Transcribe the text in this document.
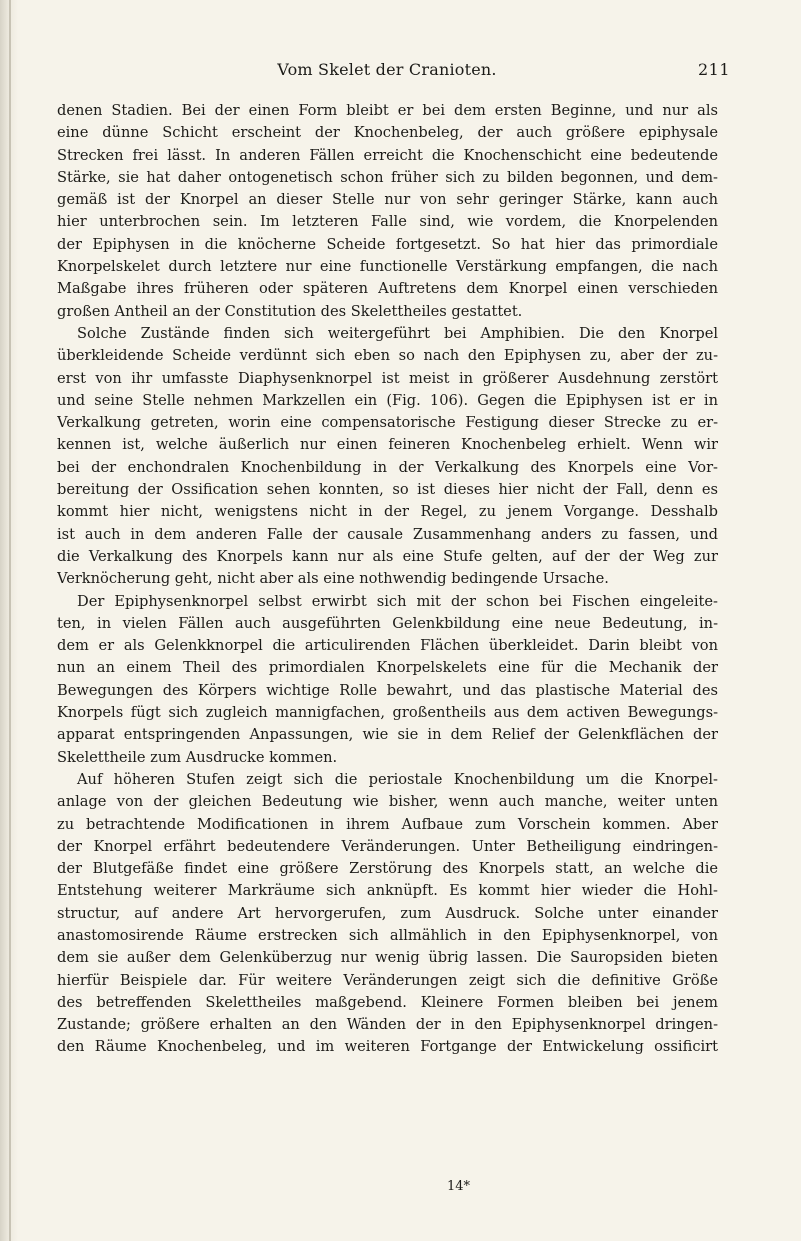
Vom Skelet der Cranioten.	211
denen Stadien. Bei der einen Form bleibt er bei dem ersten Beginne, und nur als
eine dünne Schicht erscheint der Knochenbeleg, der auch größere epiphysale
Strecken frei lässt. In anderen Fällen erreicht die Knochenschicht eine bedeutende
Stärke, sie hat daher ontogenetisch schon früher sich zu bilden begonnen, und dem-
gemäß ist der Knorpel an dieser Stelle nur von sehr geringer Stärke, kann auch
hier unterbrochen sein. Im letzteren Falle sind, wie vordem, die Knorpelenden
der Epiphysen in die knöcherne Scheide fortgesetzt. So hat hier das primordiale
Knorpelskelet durch letztere nur eine functionelle Verstärkung empfangen, die nach
Maßgabe ihres früheren oder späteren Auftretens dem Knorpel einen verschieden
großen Antheil an der Constitution des Skelettheiles gestattet.
Solche Zustände finden sich weitergeführt bei Amphibien. Die den Knorpel
überkleidende Scheide verdünnt sich eben so nach den Epiphysen zu, aber der zu-
erst von ihr umfasste Diaphysenknorpel ist meist in größerer Ausdehnung zerstört
und seine Stelle nehmen Markzellen ein (Fig. 106). Gegen die Epiphysen ist er in
Verkalkung getreten, worin eine compensatorische Festigung dieser Strecke zu er-
kennen ist, welche äußerlich nur einen feineren Knochenbeleg erhielt. Wenn wir
bei der enchondralen Knochenbildung in der Verkalkung des Knorpels eine Vor-
bereitung der Ossification sehen konnten, so ist dieses hier nicht der Fall, denn es
kommt hier nicht, wenigstens nicht in der Regel, zu jenem Vorgange. Desshalb
ist auch in dem anderen Falle der causale Zusammenhang anders zu fassen, und
die Verkalkung des Knorpels kann nur als eine Stufe gelten, auf der der Weg zur
Verknöcherung geht, nicht aber als eine nothwendig bedingende Ursache.
Der Epiphysenknorpel selbst erwirbt sich mit der schon bei Fischen eingeleite-
ten, in vielen Fällen auch ausgeführten Gelenkbildung eine neue Bedeutung, in-
dem er als Gelenkknorpel die articulirenden Flächen überkleidet. Darin bleibt von
nun an einem Theil des primordialen Knorpelskelets eine für die Mechanik der
Bewegungen des Körpers wichtige Rolle bewahrt, und das plastische Material des
Knorpels fügt sich zugleich mannigfachen, großentheils aus dem activen Bewegungs-
apparat entspringenden Anpassungen, wie sie in dem Relief der Gelenkflächen der
Skelettheile zum Ausdrucke kommen.
Auf höheren Stufen zeigt sich die periostale Knochenbildung um die Knorpel-
anlage von der gleichen Bedeutung wie bisher, wenn auch manche, weiter unten
zu betrachtende Modificationen in ihrem Aufbaue zum Vorschein kommen. Aber
der Knorpel erfährt bedeutendere Veränderungen. Unter Betheiligung eindringen-
der Blutgefäße findet eine größere Zerstörung des Knorpels statt, an welche die
Entstehung weiterer Markräume sich anknüpft. Es kommt hier wieder die Hohl-
structur, auf andere Art hervorgerufen, zum Ausdruck. Solche unter einander
anastomosirende Räume erstrecken sich allmählich in den Epiphysenknorpel, von
dem sie außer dem Gelenküberzug nur wenig übrig lassen. Die Sauropsiden bieten
hierfür Beispiele dar. Für weitere Veränderungen zeigt sich die definitive Größe
des betreffenden Skelettheiles maßgebend. Kleinere Formen bleiben bei jenem
Zustande; größere erhalten an den Wänden der in den Epiphysenknorpel dringen-
den Räume Knochenbeleg, und im weiteren Fortgange der Entwickelung ossificirt
14*
